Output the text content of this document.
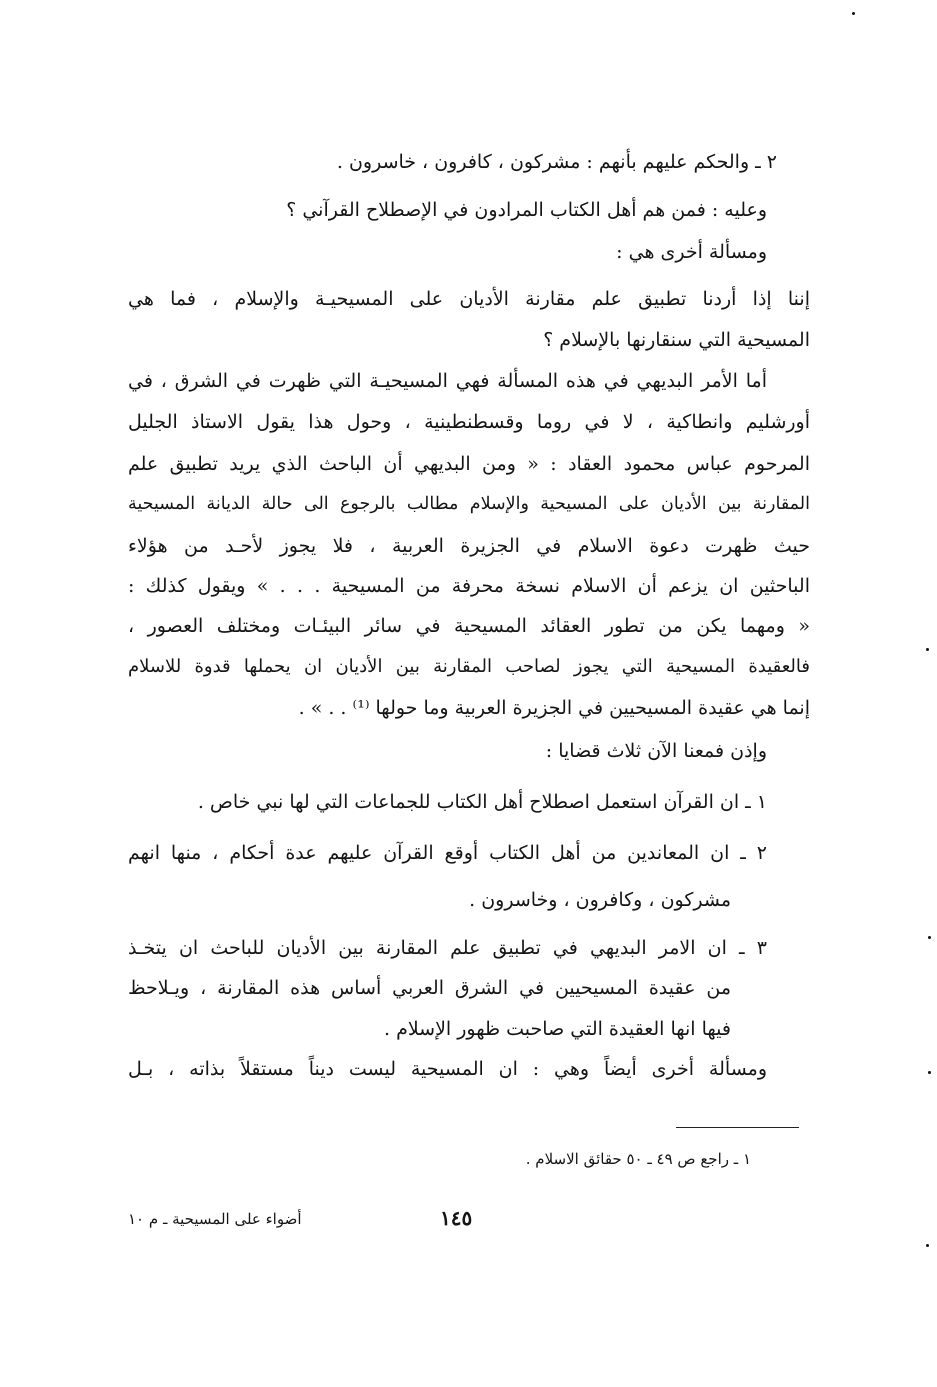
٢ ـ والحكم عليهم بأنهم : مشركون ، كافرون ، خاسرون .
وعليه : فمن هم أهل الكتاب المرادون في الإصطلاح القرآني ؟
ومسألة أخرى هي :
إننا إذا أردنا تطبيق علم مقارنة الأديان على المسيحيـة والإسلام ، فما هي
المسيحية التي سنقارنها بالإسلام ؟
أما الأمر البديهي في هذه المسألة فهي المسيحيـة التي ظهرت في الشرق ، في
أورشليم وانطاكية ، لا في روما وقسطنطينية ، وحول هذا يقول الاستاذ الجليل
المرحوم عباس محمود العقاد : « ومن البديهي أن الباحث الذي يريد تطبيق علم
المقارنة بين الأديان على المسيحية والإسلام مطالب بالرجوع الى حالة الديانة المسيحية
حيث ظهرت دعوة الاسلام في الجزيرة العربية ، فلا يجوز لأحـد من هؤلاء
الباحثين ان يزعم أن الاسلام نسخة محرفة من المسيحية . . . » ويقول كذلك :
« ومهما يكن من تطور العقائد المسيحية في سائر البيئـات ومختلف العصور ،
فالعقيدة المسيحية التي يجوز لصاحب المقارنة بين الأديان ان يحملها قدوة للاسلام
إنما هي عقيدة المسيحيين في الجزيرة العربية وما حولها ⁽¹⁾ . . » .
وإذن فمعنا الآن ثلاث قضايا :
١ ـ ان القرآن استعمل اصطلاح أهل الكتاب للجماعات التي لها نبي خاص .
٢ ـ ان المعاندين من أهل الكتاب أوقع القرآن عليهم عدة أحكام ، منها انهم
مشركون ، وكافرون ، وخاسرون .
٣ ـ ان الامر البديهي في تطبيق علم المقارنة بين الأديان للباحث ان يتخـذ
من عقيدة المسيحيين في الشرق العربي أساس هذه المقارنة ، ويـلاحظ
فيها انها العقيدة التي صاحبت ظهور الإسلام .
ومسألة أخرى أيضاً وهي : ان المسيحية ليست ديناً مستقلاً بذاته ، بـل
١ ـ راجع ص ٤٩ ـ ٥٠ حقائق الاسلام .
١٤٥
أضواء على المسيحية ـ م ١٠
